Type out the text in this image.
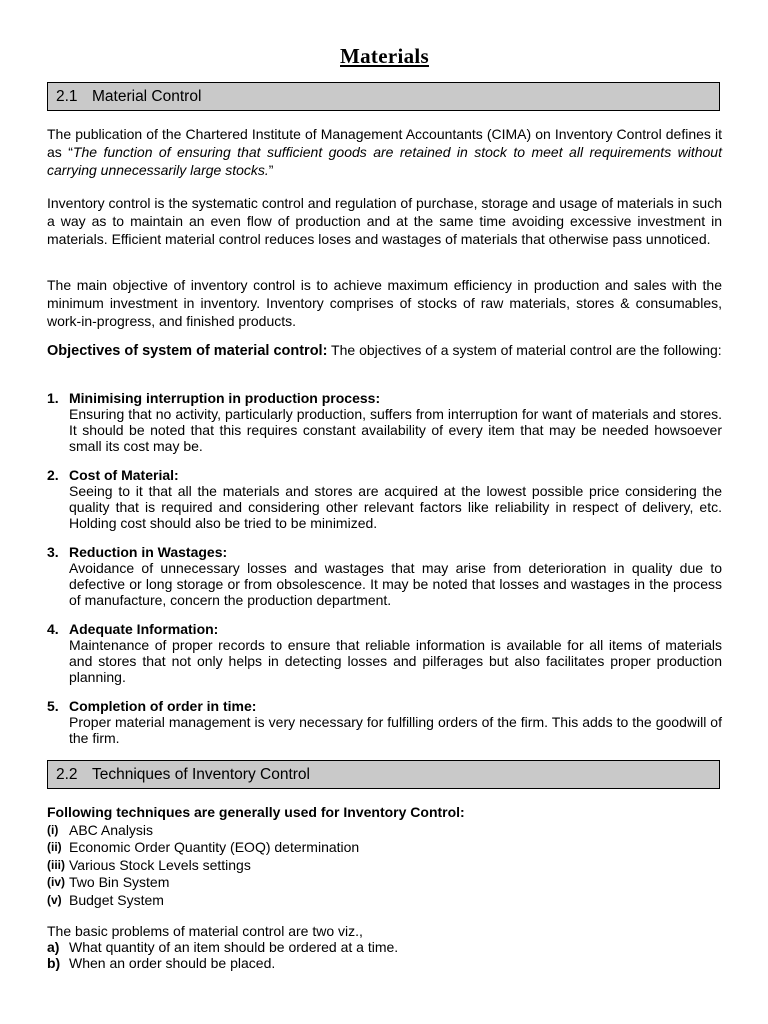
Materials
2.1 Material Control
The publication of the Chartered Institute of Management Accountants (CIMA) on Inventory Control defines it as “The function of ensuring that sufficient goods are retained in stock to meet all requirements without carrying unnecessarily large stocks.”
Inventory control is the systematic control and regulation of purchase, storage and usage of materials in such a way as to maintain an even flow of production and at the same time avoiding excessive investment in materials. Efficient material control reduces loses and wastages of materials that otherwise pass unnoticed.
The main objective of inventory control is to achieve maximum efficiency in production and sales with the minimum investment in inventory. Inventory comprises of stocks of raw materials, stores & consumables, work-in-progress, and finished products.
Objectives of system of material control: The objectives of a system of material control are the following:
1. Minimising interruption in production process:
Ensuring that no activity, particularly production, suffers from interruption for want of materials and stores. It should be noted that this requires constant availability of every item that may be needed howsoever small its cost may be.
2. Cost of Material:
Seeing to it that all the materials and stores are acquired at the lowest possible price considering the quality that is required and considering other relevant factors like reliability in respect of delivery, etc. Holding cost should also be tried to be minimized.
3. Reduction in Wastages:
Avoidance of unnecessary losses and wastages that may arise from deterioration in quality due to defective or long storage or from obsolescence. It may be noted that losses and wastages in the process of manufacture, concern the production department.
4. Adequate Information:
Maintenance of proper records to ensure that reliable information is available for all items of materials and stores that not only helps in detecting losses and pilferages but also facilitates proper production planning.
5. Completion of order in time:
Proper material management is very necessary for fulfilling orders of the firm. This adds to the goodwill of the firm.
2.2 Techniques of Inventory Control
Following techniques are generally used for Inventory Control:
(i) ABC Analysis
(ii) Economic Order Quantity (EOQ) determination
(iii) Various Stock Levels settings
(iv) Two Bin System
(v) Budget System
The basic problems of material control are two viz.,
a) What quantity of an item should be ordered at a time.
b) When an order should be placed.
